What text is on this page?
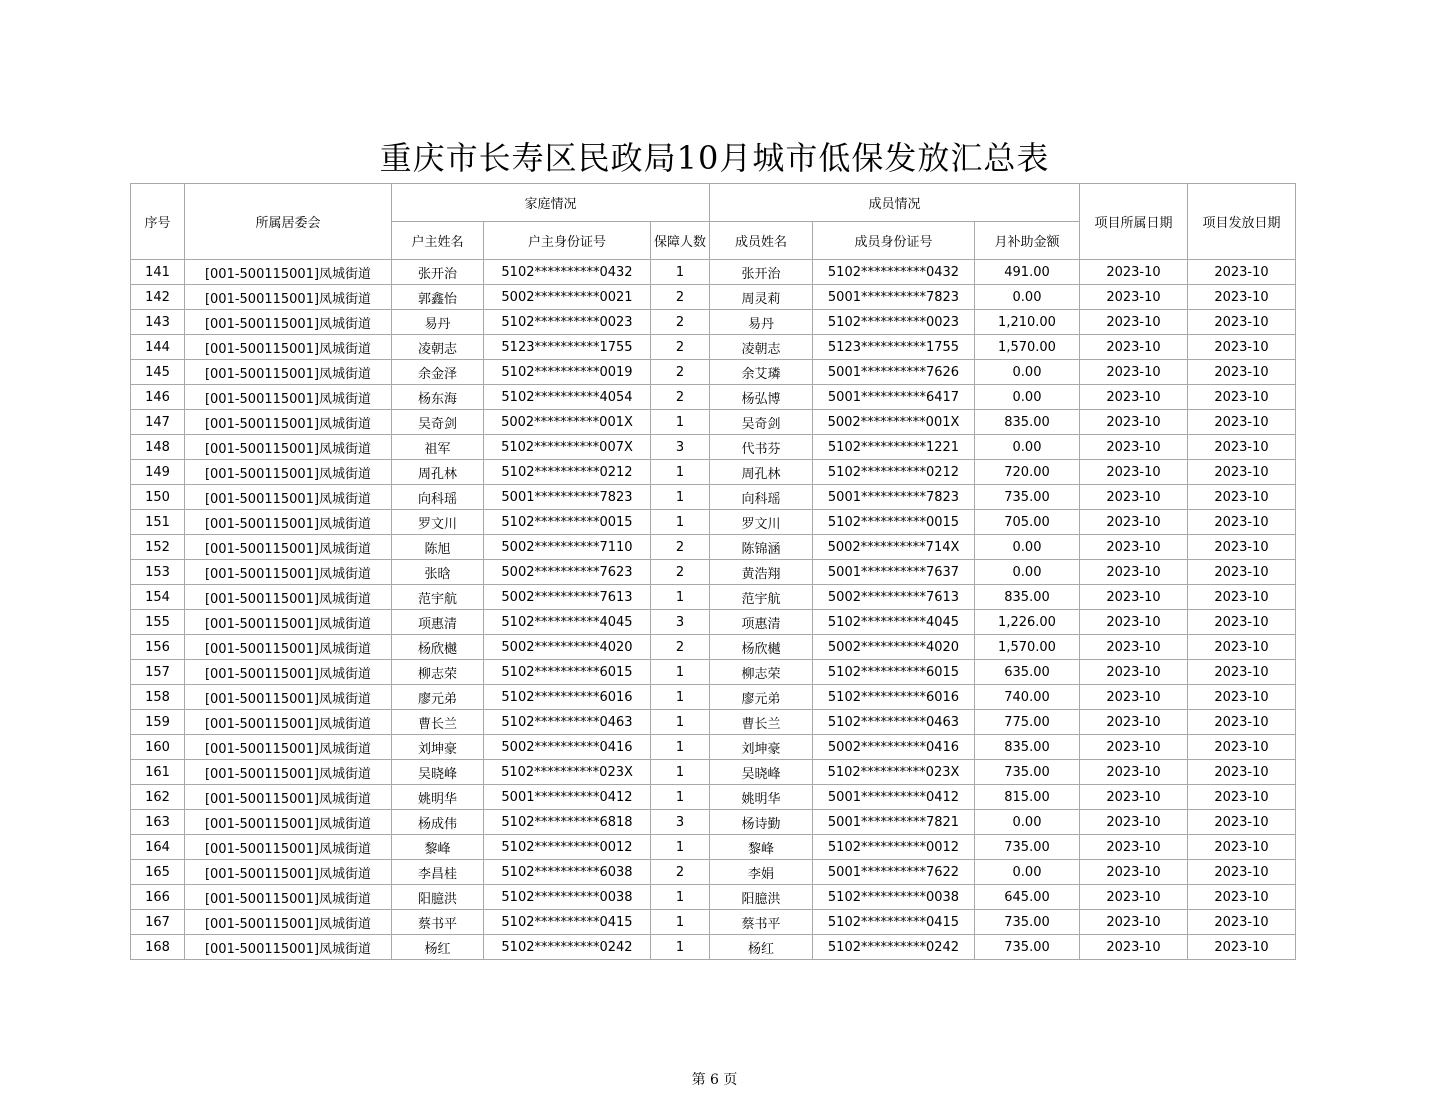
重庆市长寿区民政局10月城市低保发放汇总表
序号	所属居委会	家庭情况			成员情况			项目所属日期	项目发放日期
		户主姓名	户主身份证号	保障人数	成员姓名	成员身份证号	月补助金额		
141	[001-500115001]凤城街道	张开治	5102**********0432	1	张开治	5102**********0432	491.00	2023-10	2023-10
142	[001-500115001]凤城街道	郭鑫怡	5002**********0021	2	周灵莉	5001**********7823	0.00	2023-10	2023-10
143	[001-500115001]凤城街道	易丹	5102**********0023	2	易丹	5102**********0023	1,210.00	2023-10	2023-10
144	[001-500115001]凤城街道	凌朝志	5123**********1755	2	凌朝志	5123**********1755	1,570.00	2023-10	2023-10
145	[001-500115001]凤城街道	余金泽	5102**********0019	2	余艾璘	5001**********7626	0.00	2023-10	2023-10
146	[001-500115001]凤城街道	杨东海	5102**********4054	2	杨弘博	5001**********6417	0.00	2023-10	2023-10
147	[001-500115001]凤城街道	吴奇剑	5002**********001X	1	吴奇剑	5002**********001X	835.00	2023-10	2023-10
148	[001-500115001]凤城街道	祖军	5102**********007X	3	代书芬	5102**********1221	0.00	2023-10	2023-10
149	[001-500115001]凤城街道	周孔林	5102**********0212	1	周孔林	5102**********0212	720.00	2023-10	2023-10
150	[001-500115001]凤城街道	向科瑶	5001**********7823	1	向科瑶	5001**********7823	735.00	2023-10	2023-10
151	[001-500115001]凤城街道	罗文川	5102**********0015	1	罗文川	5102**********0015	705.00	2023-10	2023-10
152	[001-500115001]凤城街道	陈旭	5002**********7110	2	陈锦涵	5002**********714X	0.00	2023-10	2023-10
153	[001-500115001]凤城街道	张晗	5002**********7623	2	黄浩翔	5001**********7637	0.00	2023-10	2023-10
154	[001-500115001]凤城街道	范宇航	5002**********7613	1	范宇航	5002**********7613	835.00	2023-10	2023-10
155	[001-500115001]凤城街道	项惠清	5102**********4045	3	项惠清	5102**********4045	1,226.00	2023-10	2023-10
156	[001-500115001]凤城街道	杨欣樾	5002**********4020	2	杨欣樾	5002**********4020	1,570.00	2023-10	2023-10
157	[001-500115001]凤城街道	柳志荣	5102**********6015	1	柳志荣	5102**********6015	635.00	2023-10	2023-10
158	[001-500115001]凤城街道	廖元弟	5102**********6016	1	廖元弟	5102**********6016	740.00	2023-10	2023-10
159	[001-500115001]凤城街道	曹长兰	5102**********0463	1	曹长兰	5102**********0463	775.00	2023-10	2023-10
160	[001-500115001]凤城街道	刘坤豪	5002**********0416	1	刘坤豪	5002**********0416	835.00	2023-10	2023-10
161	[001-500115001]凤城街道	吴晓峰	5102**********023X	1	吴晓峰	5102**********023X	735.00	2023-10	2023-10
162	[001-500115001]凤城街道	姚明华	5001**********0412	1	姚明华	5001**********0412	815.00	2023-10	2023-10
163	[001-500115001]凤城街道	杨成伟	5102**********6818	3	杨诗勤	5001**********7821	0.00	2023-10	2023-10
164	[001-500115001]凤城街道	黎峰	5102**********0012	1	黎峰	5102**********0012	735.00	2023-10	2023-10
165	[001-500115001]凤城街道	李昌桂	5102**********6038	2	李娟	5001**********7622	0.00	2023-10	2023-10
166	[001-500115001]凤城街道	阳臆洪	5102**********0038	1	阳臆洪	5102**********0038	645.00	2023-10	2023-10
167	[001-500115001]凤城街道	蔡书平	5102**********0415	1	蔡书平	5102**********0415	735.00	2023-10	2023-10
168	[001-500115001]凤城街道	杨红	5102**********0242	1	杨红	5102**********0242	735.00	2023-10	2023-10
第 6 页
